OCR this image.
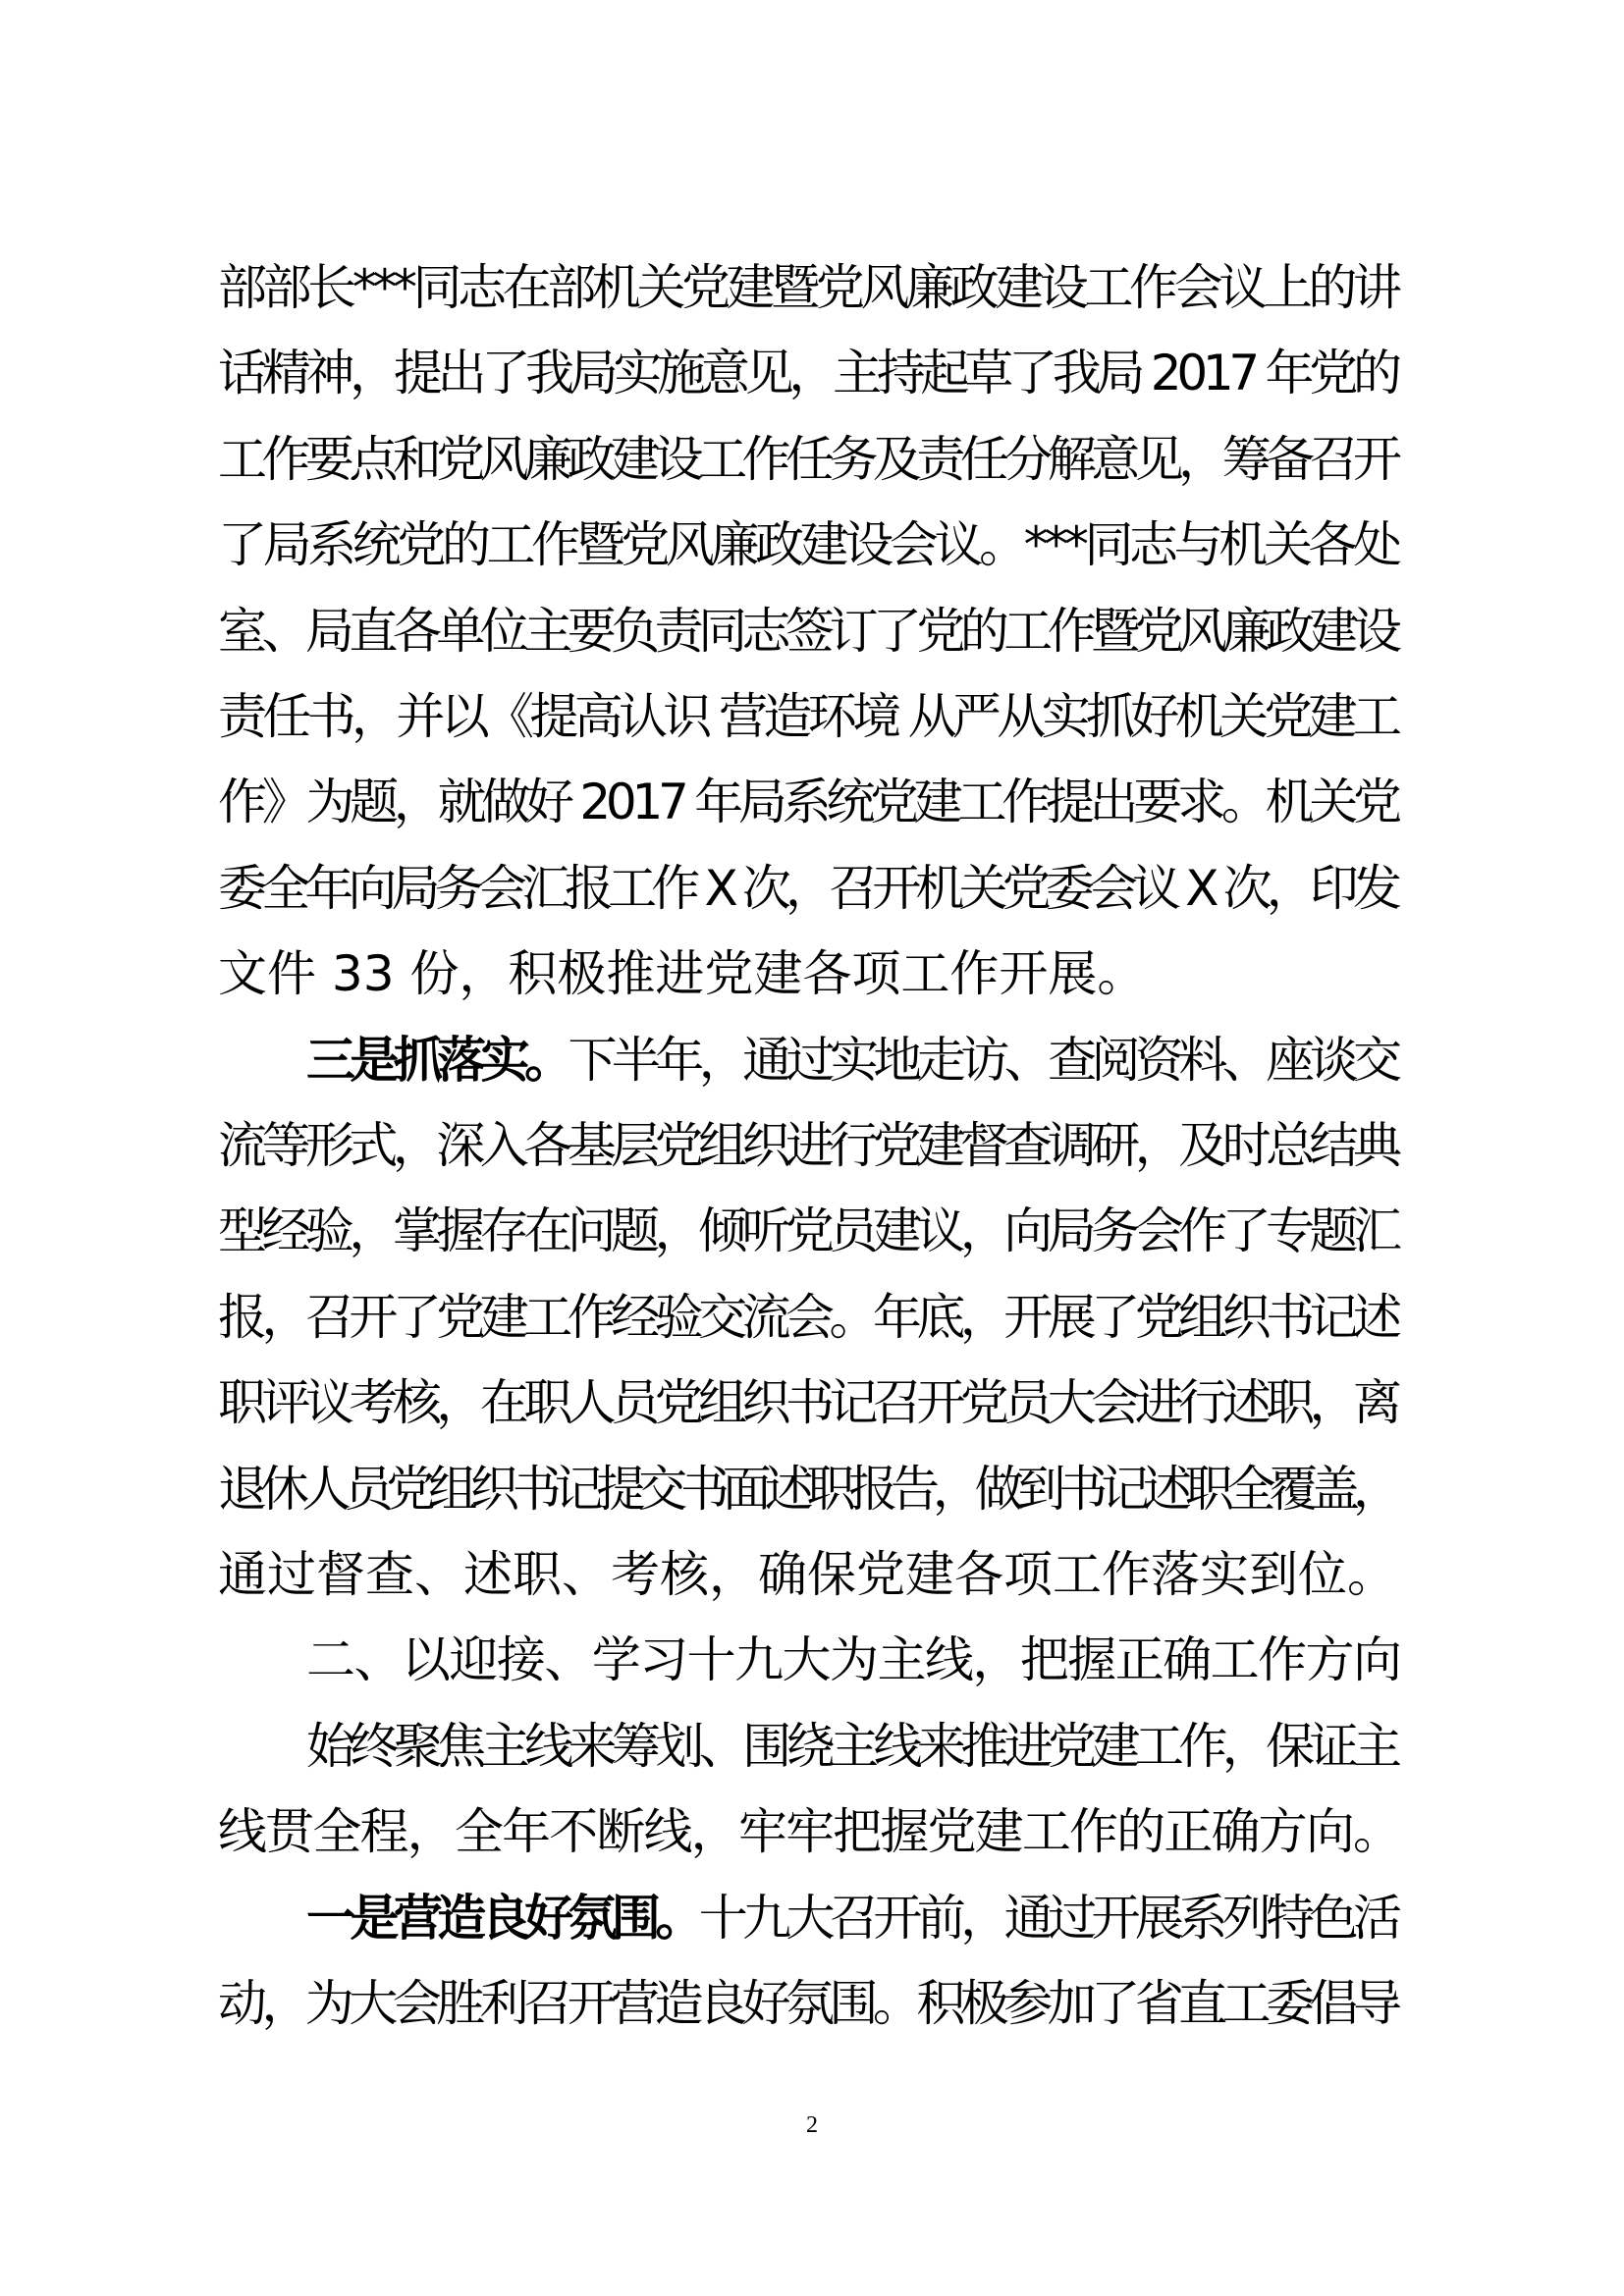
部部长***同志在部机关党建暨党风廉政建设工作会议上的讲
话精神，提出了我局实施意见，主持起草了我局 2017 年党的
工作要点和党风廉政建设工作任务及责任分解意见，筹备召开
了局系统党的工作暨党风廉政建设会议。***同志与机关各处
室、局直各单位主要负责同志签订了党的工作暨党风廉政建设
责任书，并以《提高认识 营造环境 从严从实抓好机关党建工
作》为题，就做好 2017 年局系统党建工作提出要求。机关党
委全年向局务会汇报工作 X 次，召开机关党委会议 X 次，印发
文件 33 份，积极推进党建各项工作开展。
三是抓落实。下半年，通过实地走访、查阅资料、座谈交
流等形式，深入各基层党组织进行党建督查调研，及时总结典
型经验，掌握存在问题，倾听党员建议，向局务会作了专题汇
报，召开了党建工作经验交流会。年底，开展了党组织书记述
职评议考核，在职人员党组织书记召开党员大会进行述职，离
退休人员党组织书记提交书面述职报告，做到书记述职全覆盖，
通过督查、述职、考核，确保党建各项工作落实到位。
二、以迎接、学习十九大为主线，把握正确工作方向
始终聚焦主线来筹划、围绕主线来推进党建工作，保证主
线贯全程，全年不断线，牢牢把握党建工作的正确方向。
一是营造良好氛围。十九大召开前，通过开展系列特色活
动，为大会胜利召开营造良好氛围。积极参加了省直工委倡导
2
